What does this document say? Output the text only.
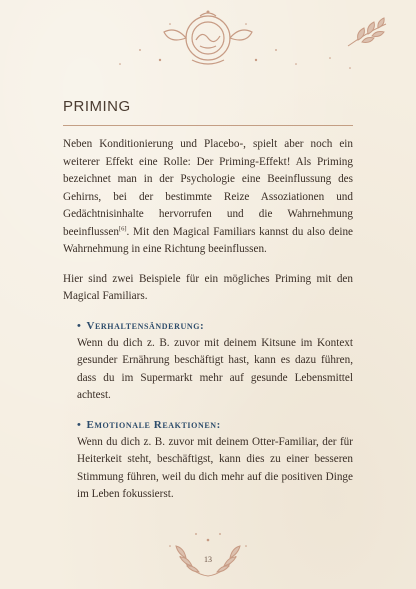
PRIMING

Neben Konditionierung und Placebo-, spielt aber noch ein weiterer Effekt eine Rolle: Der Priming-Effekt! Als Priming bezeichnet man in der Psychologie eine Beeinflussung des Gehirns, bei der bestimmte Reize Assoziationen und Gedächtnisinhalte hervorrufen und die Wahrnehmung beeinflussen[6]. Mit den Magical Familiars kannst du also deine Wahrnehmung in eine Richtung beeinflussen.

Hier sind zwei Beispiele für ein mögliches Priming mit den Magical Familiars.

• Verhaltensänderung:

Wenn du dich z. B. zuvor mit deinem Kitsune im Kontext gesunder Ernährung beschäftigt hast, kann es dazu führen, dass du im Supermarkt mehr auf gesunde Lebensmittel achtest.

• Emotionale Reaktionen:

Wenn du dich z. B. zuvor mit deinem Otter-Familiar, der für Heiterkeit steht, beschäftigst, kann dies zu einer besseren Stimmung führen, weil du dich mehr auf die positiven Dinge im Leben fokussierst.

13
